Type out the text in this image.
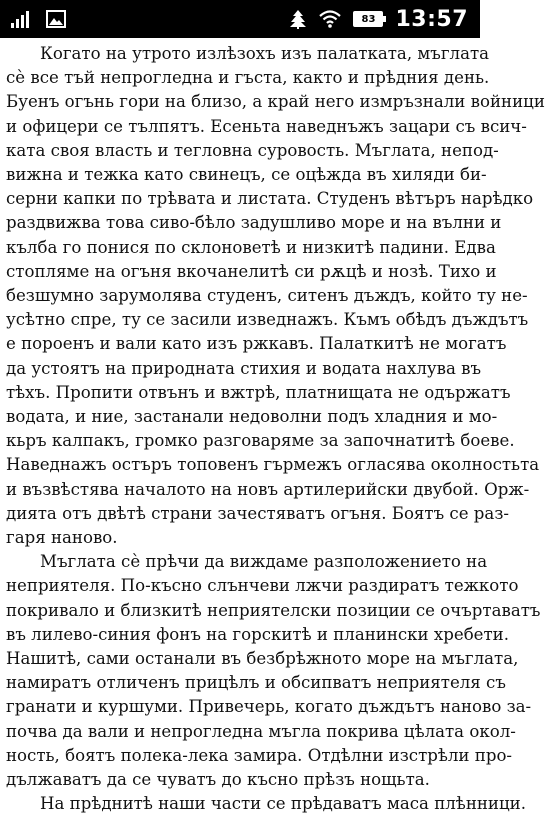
83 13:57
Когато на утрото излѣзохъ изъ палатката, мъглата
сѐ все тъй непрогледна и гъста, както и прѣдния день.
Буенъ огънь гори на близо, а край него измръзнали войници
и офицери се тълпятъ. Есеньта наведнъжъ зацари съ всич-
ката своя власть и тегловна суровость. Мъглата, непод-
вижна и тежка като свинецъ, се оцѣжда въ хиляди би-
серни капки по трѣвата и листата. Студенъ вѣтъръ нарѣдко
раздвижва това сиво-бѣло задушливо море и на вълни и
кълба го понися по склоноветѣ и низкитѣ падини. Едва
стопляме на огъня вкочанелитѣ си рѫцѣ и нозѣ. Тихо и
безшумно зарумолява студенъ, ситенъ дъждъ, който ту не-
усѣтно спре, ту се засили изведнажъ. Къмъ обѣдъ дъждътъ
е пороенъ и вали като изъ ржкавъ. Палаткитѣ не могатъ
да устоятъ на природната стихия и водата нахлува въ
тѣхъ. Пропити отвънъ и вжтрѣ, платнищата не одържатъ
водата, и ние, застанали недоволни подъ хладния и мо-
кьръ калпакъ, громко разговаряме за започнатитѣ боеве.
Наведнажъ остъръ топовенъ гърмежъ огласява околностьта
и възвѣстява началото на новъ артилерийски двубой. Орж-
дията отъ двѣтѣ страни зачестяватъ огъня. Боятъ се раз-
гаря наново.
Мъглата сѐ прѣчи да виждаме разположението на
неприятеля. По-късно слънчеви лжчи раздиратъ тежкото
покривало и близкитѣ неприятелски позиции се очъртаватъ
въ лилево-синия фонъ на горскитѣ и планински хребети.
Нашитѣ, сами останали въ безбрѣжното море на мъглата,
намиратъ отличенъ прицѣлъ и обсипватъ неприятеля съ
гранати и куршуми. Привечерь, когато дъждътъ наново за-
почва да вали и непрогледна мъгла покрива цѣлата окол-
ность, боятъ полека-лека замира. Отдѣлни изстрѣли про-
дължаватъ да се чуватъ до късно прѣзъ нощьта.
На прѣднитѣ наши части се прѣдаватъ маса плѣнници.
